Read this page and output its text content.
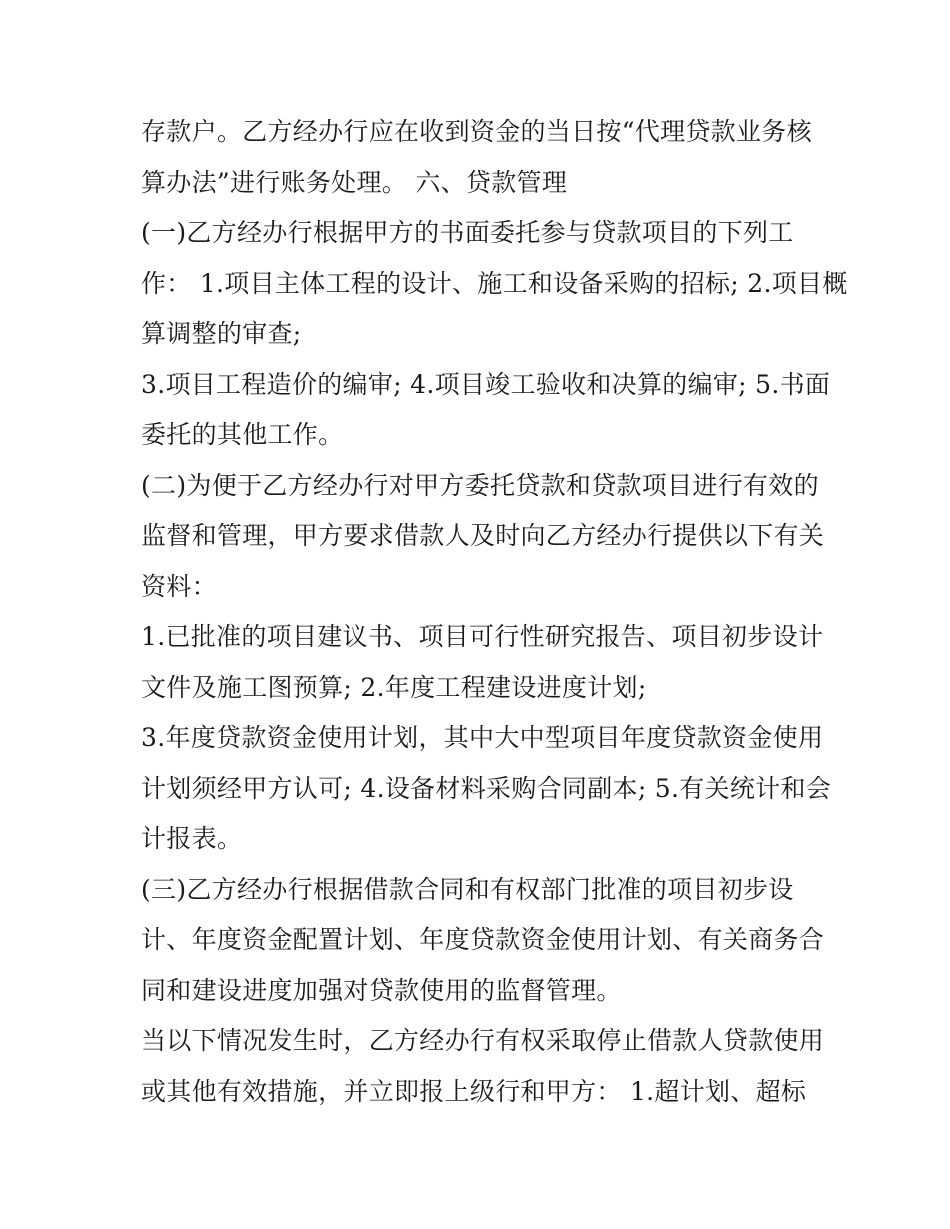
存款户。乙方经办行应在收到资金的当日按“代理贷款业务核
算办法”进行账务处理。 六、贷款管理
(一)乙方经办行根据甲方的书面委托参与贷款项目的下列工
作： 1.项目主体工程的设计、施工和设备采购的招标; 2.项目概
算调整的审查;
3.项目工程造价的编审; 4.项目竣工验收和决算的编审; 5.书面
委托的其他工作。
(二)为便于乙方经办行对甲方委托贷款和贷款项目进行有效的
监督和管理，甲方要求借款人及时向乙方经办行提供以下有关
资料：
1.已批准的项目建议书、项目可行性研究报告、项目初步设计
文件及施工图预算; 2.年度工程建设进度计划;
3.年度贷款资金使用计划，其中大中型项目年度贷款资金使用
计划须经甲方认可; 4.设备材料采购合同副本; 5.有关统计和会
计报表。
(三)乙方经办行根据借款合同和有权部门批准的项目初步设
计、年度资金配置计划、年度贷款资金使用计划、有关商务合
同和建设进度加强对贷款使用的监督管理。
当以下情况发生时，乙方经办行有权采取停止借款人贷款使用
或其他有效措施，并立即报上级行和甲方： 1.超计划、超标
